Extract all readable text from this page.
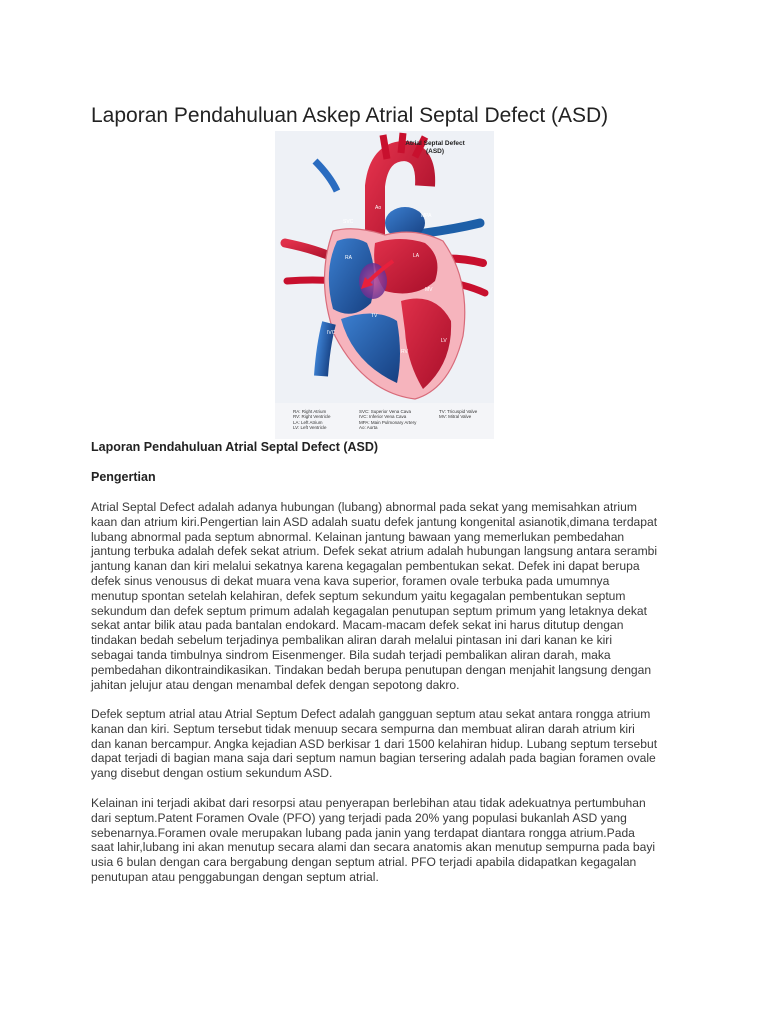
Laporan Pendahuluan Askep Atrial Septal Defect (ASD)
Atrial Septal Defect
(ASD)
Ao
SVC
MPA
RA	LA
MV
TV
IVC
RV
LV
RA: Right Atrium
RV: Right Ventricle
LA: Left Atrium
LV: Left Ventricle
SVC: Superior Vena Cava
IVC: Inferior Vena Cava
MPA: Main Pulmonary Artery
Ao: Aorta
TV: Tricuspid Valve
MV: Mitral Valve
Laporan Pendahuluan Atrial Septal Defect (ASD)
Pengertian

Atrial Septal Defect adalah adanya hubungan (lubang) abnormal pada sekat yang memisahkan atrium
kaan dan atrium kiri.Pengertian lain ASD adalah suatu defek jantung kongenital asianotik,dimana terdapat
lubang abnormal pada septum abnormal. Kelainan jantung bawaan yang memerlukan pembedahan
jantung terbuka adalah defek sekat atrium. Defek sekat atrium adalah hubungan langsung antara serambi
jantung kanan dan kiri melalui sekatnya karena kegagalan pembentukan sekat. Defek ini dapat berupa
defek sinus venousus di dekat muara vena kava superior, foramen ovale terbuka pada umumnya
menutup spontan setelah kelahiran, defek septum sekundum yaitu kegagalan pembentukan septum
sekundum dan defek septum primum adalah kegagalan penutupan septum primum yang letaknya dekat
sekat antar bilik atau pada bantalan endokard. Macam-macam defek sekat ini harus ditutup dengan
tindakan bedah sebelum terjadinya pembalikan aliran darah melalui pintasan ini dari kanan ke kiri
sebagai tanda timbulnya sindrom Eisenmenger. Bila sudah terjadi pembalikan aliran darah, maka
pembedahan dikontraindikasikan. Tindakan bedah berupa penutupan dengan menjahit langsung dengan
jahitan jelujur atau dengan menambal defek dengan sepotong dakro.

Defek septum atrial atau Atrial Septum Defect adalah gangguan septum atau sekat antara rongga atrium
kanan dan kiri. Septum tersebut tidak menuup secara sempurna dan membuat aliran darah atrium kiri
dan kanan bercampur. Angka kejadian ASD berkisar 1 dari 1500 kelahiran hidup. Lubang septum tersebut
dapat terjadi di bagian mana saja dari septum namun bagian tersering adalah pada bagian foramen ovale
yang disebut dengan ostium sekundum ASD.

Kelainan ini terjadi akibat dari resorpsi atau penyerapan berlebihan atau tidak adekuatnya pertumbuhan
dari septum.Patent Foramen Ovale (PFO) yang terjadi pada 20% yang populasi bukanlah ASD yang
sebenarnya.Foramen ovale merupakan lubang pada janin yang terdapat diantara rongga atrium.Pada
saat lahir,lubang ini akan menutup secara alami dan secara anatomis akan menutup sempurna pada bayi
usia 6 bulan dengan cara bergabung dengan septum atrial. PFO terjadi apabila didapatkan kegagalan
penutupan atau penggabungan dengan septum atrial.
